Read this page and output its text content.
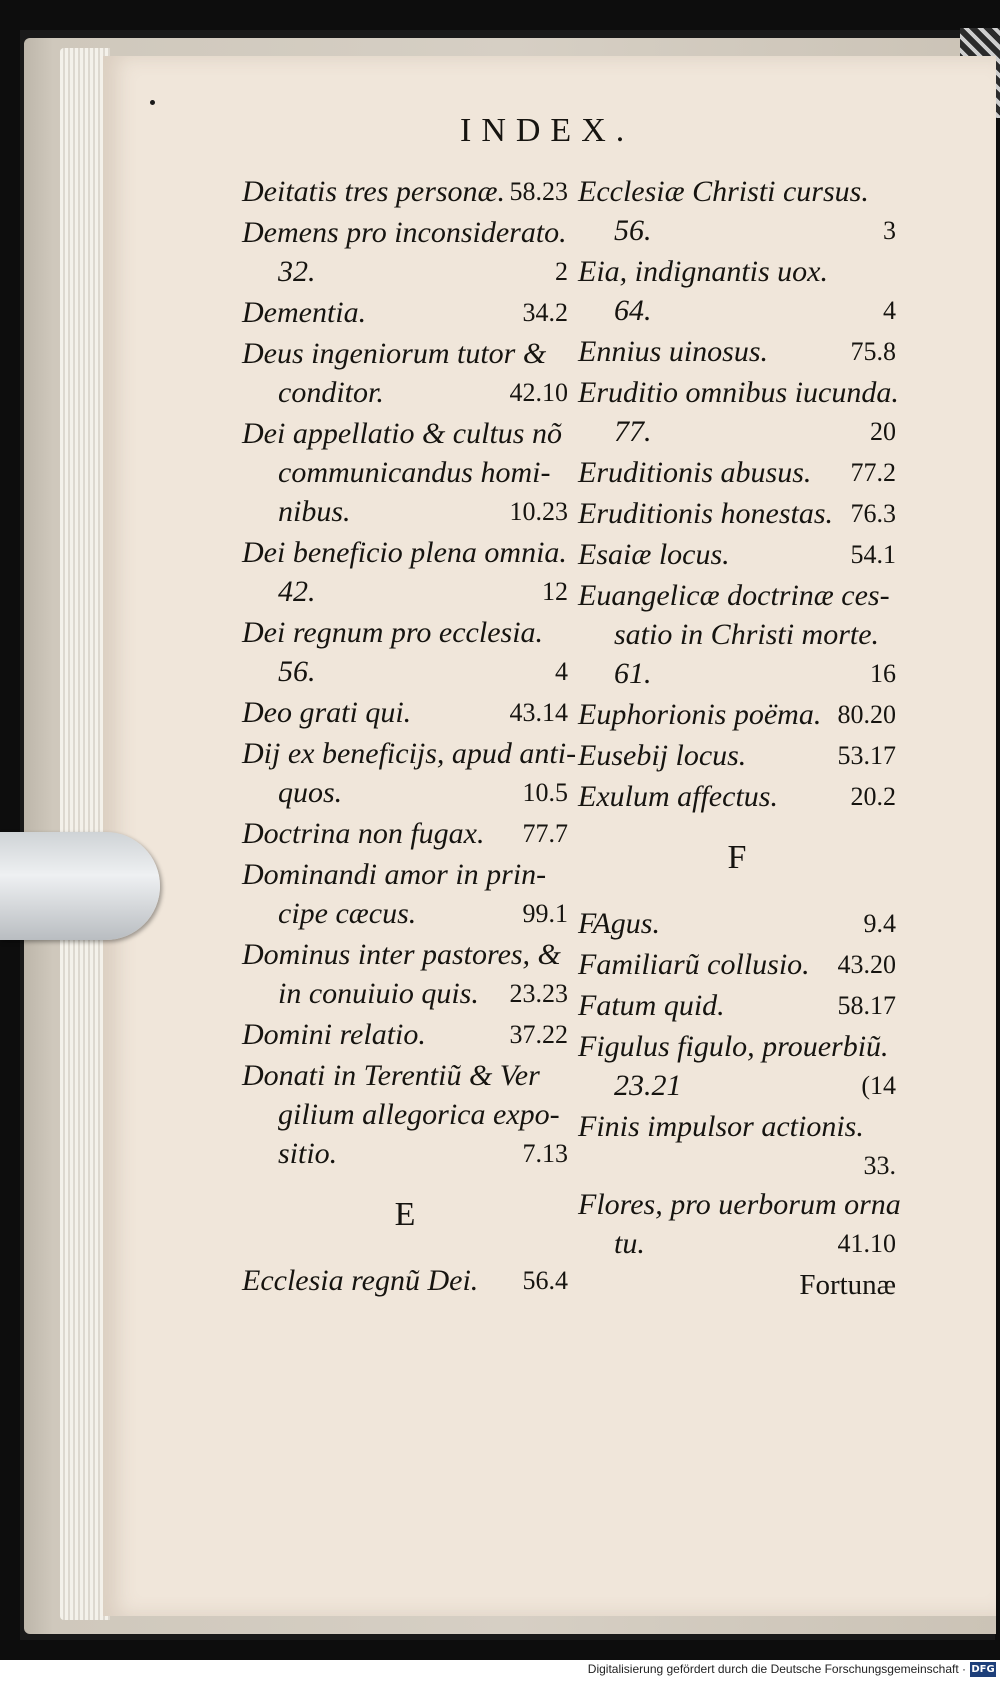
INDEX.
Deitatis tres personæ. 58.23
Demens pro inconsiderato.
32.	2
Dementia.	34.2
Deus ingeniorum tutor &
conditor.	42.10
Dei appellatio & cultus nõ
communicandus homi-
nibus.	10.23
Dei beneficio plena omnia.
42.	12
Dei regnum pro ecclesia.
56.	4
Deo grati qui.	43.14
Dij ex beneficijs, apud anti-
quos.	10.5
Doctrina non fugax. 77.7
Dominandi amor in prin-
cipe cæcus.	99.1
Dominus inter pastores, &
in conuiuio quis. 23.23
Domini relatio.	37.22
Donati in Terentiũ & Ver
gilium allegorica expo-
sitio.	7.13
E
Ecclesia regnũ Dei. 56.4
Ecclesiæ Christi cursus.
56.	3
Eia, indignantis uox.
64.	4
Ennius uinosus.	75.8
Eruditio omnibus iucunda.
77.	20
Eruditionis abusus. 77.2
Eruditionis honestas. 76.3
Esaiæ locus.	54.1
Euangelicæ doctrinæ ces-
satio in Christi morte.
61.	16
Euphorionis poëma. 80.20
Eusebij locus.	53.17
Exulum affectus.	20.2
F
FAgus.	9.4
Familiarũ collusio. 43.20
Fatum quid.	58.17
Figulus figulo, prouerbiũ.
23.21	(14
Finis impulsor actionis.
33.
Flores, pro uerborum orna
tu.	41.10
Fortunæ
Digitalisierung gefördert durch die Deutsche Forschungsgemeinschaft · DFG
